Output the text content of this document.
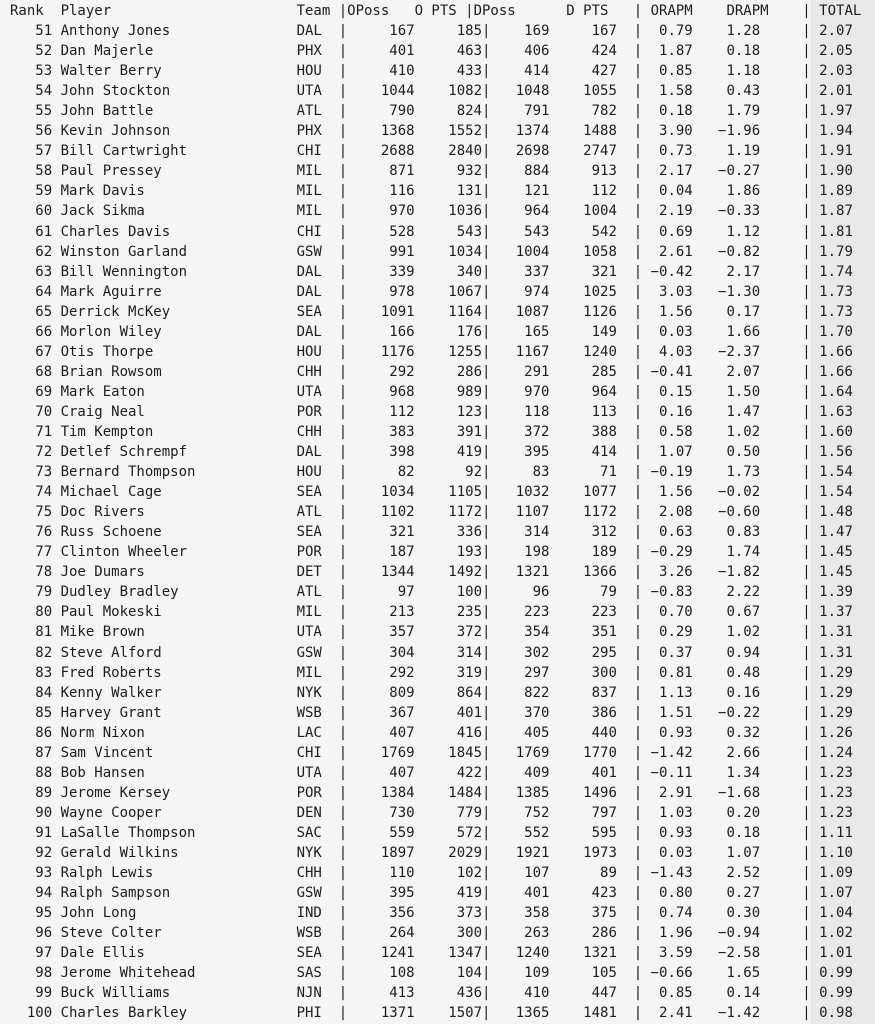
Rank  Player                      Team |OPoss   O PTS |DPoss      D PTS   | ORAPM    DRAPM    | TOTAL
51 Anthony Jones               DAL  |     167     185|    169     167  |  0.79    1.28     | 2.07
52 Dan Majerle                 PHX  |     401     463|    406     424  |  1.87    0.18     | 2.05
53 Walter Berry                HOU  |     410     433|    414     427  |  0.85    1.18     | 2.03
54 John Stockton               UTA  |    1044    1082|   1048    1055  |  1.58    0.43     | 2.01
55 John Battle                 ATL  |     790     824|    791     782  |  0.18    1.79     | 1.97
56 Kevin Johnson               PHX  |    1368    1552|   1374    1488  |  3.90   −1.96     | 1.94
57 Bill Cartwright             CHI  |    2688    2840|   2698    2747  |  0.73    1.19     | 1.91
58 Paul Pressey                MIL  |     871     932|    884     913  |  2.17   −0.27     | 1.90
59 Mark Davis                  MIL  |     116     131|    121     112  |  0.04    1.86     | 1.89
60 Jack Sikma                  MIL  |     970    1036|    964    1004  |  2.19   −0.33     | 1.87
61 Charles Davis               CHI  |     528     543|    543     542  |  0.69    1.12     | 1.81
62 Winston Garland             GSW  |     991    1034|   1004    1058  |  2.61   −0.82     | 1.79
63 Bill Wennington             DAL  |     339     340|    337     321  | −0.42    2.17     | 1.74
64 Mark Aguirre                DAL  |     978    1067|    974    1025  |  3.03   −1.30     | 1.73
65 Derrick McKey               SEA  |    1091    1164|   1087    1126  |  1.56    0.17     | 1.73
66 Morlon Wiley                DAL  |     166     176|    165     149  |  0.03    1.66     | 1.70
67 Otis Thorpe                 HOU  |    1176    1255|   1167    1240  |  4.03   −2.37     | 1.66
68 Brian Rowsom                CHH  |     292     286|    291     285  | −0.41    2.07     | 1.66
69 Mark Eaton                  UTA  |     968     989|    970     964  |  0.15    1.50     | 1.64
70 Craig Neal                  POR  |     112     123|    118     113  |  0.16    1.47     | 1.63
71 Tim Kempton                 CHH  |     383     391|    372     388  |  0.58    1.02     | 1.60
72 Detlef Schrempf             DAL  |     398     419|    395     414  |  1.07    0.50     | 1.56
73 Bernard Thompson            HOU  |      82      92|     83      71  | −0.19    1.73     | 1.54
74 Michael Cage                SEA  |    1034    1105|   1032    1077  |  1.56   −0.02     | 1.54
75 Doc Rivers                  ATL  |    1102    1172|   1107    1172  |  2.08   −0.60     | 1.48
76 Russ Schoene                SEA  |     321     336|    314     312  |  0.63    0.83     | 1.47
77 Clinton Wheeler             POR  |     187     193|    198     189  | −0.29    1.74     | 1.45
78 Joe Dumars                  DET  |    1344    1492|   1321    1366  |  3.26   −1.82     | 1.45
79 Dudley Bradley              ATL  |      97     100|     96      79  | −0.83    2.22     | 1.39
80 Paul Mokeski                MIL  |     213     235|    223     223  |  0.70    0.67     | 1.37
81 Mike Brown                  UTA  |     357     372|    354     351  |  0.29    1.02     | 1.31
82 Steve Alford                GSW  |     304     314|    302     295  |  0.37    0.94     | 1.31
83 Fred Roberts                MIL  |     292     319|    297     300  |  0.81    0.48     | 1.29
84 Kenny Walker                NYK  |     809     864|    822     837  |  1.13    0.16     | 1.29
85 Harvey Grant                WSB  |     367     401|    370     386  |  1.51   −0.22     | 1.29
86 Norm Nixon                  LAC  |     407     416|    405     440  |  0.93    0.32     | 1.26
87 Sam Vincent                 CHI  |    1769    1845|   1769    1770  | −1.42    2.66     | 1.24
88 Bob Hansen                  UTA  |     407     422|    409     401  | −0.11    1.34     | 1.23
89 Jerome Kersey               POR  |    1384    1484|   1385    1496  |  2.91   −1.68     | 1.23
90 Wayne Cooper                DEN  |     730     779|    752     797  |  1.03    0.20     | 1.23
91 LaSalle Thompson            SAC  |     559     572|    552     595  |  0.93    0.18     | 1.11
92 Gerald Wilkins              NYK  |    1897    2029|   1921    1973  |  0.03    1.07     | 1.10
93 Ralph Lewis                 CHH  |     110     102|    107      89  | −1.43    2.52     | 1.09
94 Ralph Sampson               GSW  |     395     419|    401     423  |  0.80    0.27     | 1.07
95 John Long                   IND  |     356     373|    358     375  |  0.74    0.30     | 1.04
96 Steve Colter                WSB  |     264     300|    263     286  |  1.96   −0.94     | 1.02
97 Dale Ellis                  SEA  |    1241    1347|   1240    1321  |  3.59   −2.58     | 1.01
98 Jerome Whitehead            SAS  |     108     104|    109     105  | −0.66    1.65     | 0.99
99 Buck Williams               NJN  |     413     436|    410     447  |  0.85    0.14     | 0.99
100 Charles Barkley             PHI  |    1371    1507|   1365    1481  |  2.41   −1.42     | 0.98
